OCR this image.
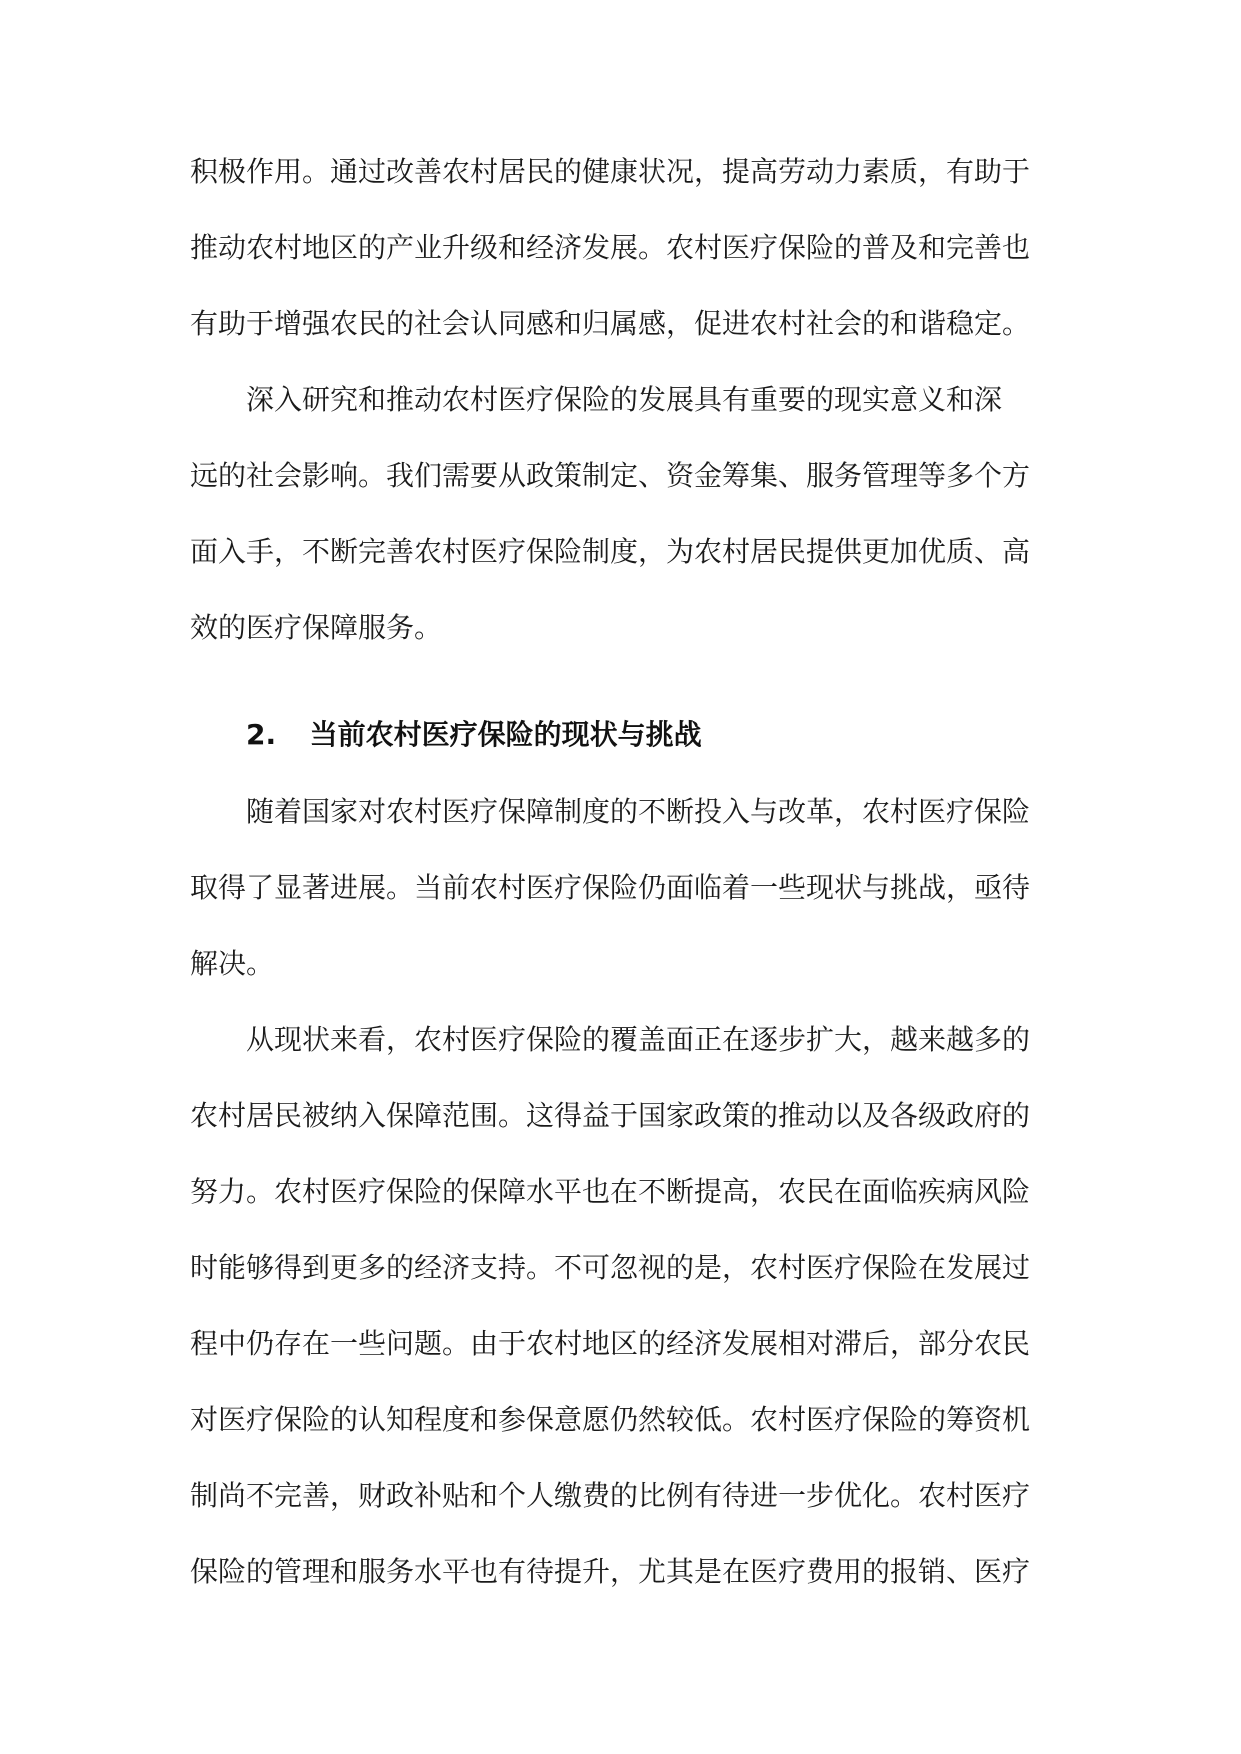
积极作用。通过改善农村居民的健康状况，提高劳动力素质，有助于
推动农村地区的产业升级和经济发展。农村医疗保险的普及和完善也
有助于增强农民的社会认同感和归属感，促进农村社会的和谐稳定。
深入研究和推动农村医疗保险的发展具有重要的现实意义和深
远的社会影响。我们需要从政策制定、资金筹集、服务管理等多个方
面入手，不断完善农村医疗保险制度，为农村居民提供更加优质、高
效的医疗保障服务。
2. 当前农村医疗保险的现状与挑战
随着国家对农村医疗保障制度的不断投入与改革，农村医疗保险
取得了显著进展。当前农村医疗保险仍面临着一些现状与挑战，亟待
解决。
从现状来看，农村医疗保险的覆盖面正在逐步扩大，越来越多的
农村居民被纳入保障范围。这得益于国家政策的推动以及各级政府的
努力。农村医疗保险的保障水平也在不断提高，农民在面临疾病风险
时能够得到更多的经济支持。不可忽视的是，农村医疗保险在发展过
程中仍存在一些问题。由于农村地区的经济发展相对滞后，部分农民
对医疗保险的认知程度和参保意愿仍然较低。农村医疗保险的筹资机
制尚不完善，财政补贴和个人缴费的比例有待进一步优化。农村医疗
保险的管理和服务水平也有待提升，尤其是在医疗费用的报销、医疗
